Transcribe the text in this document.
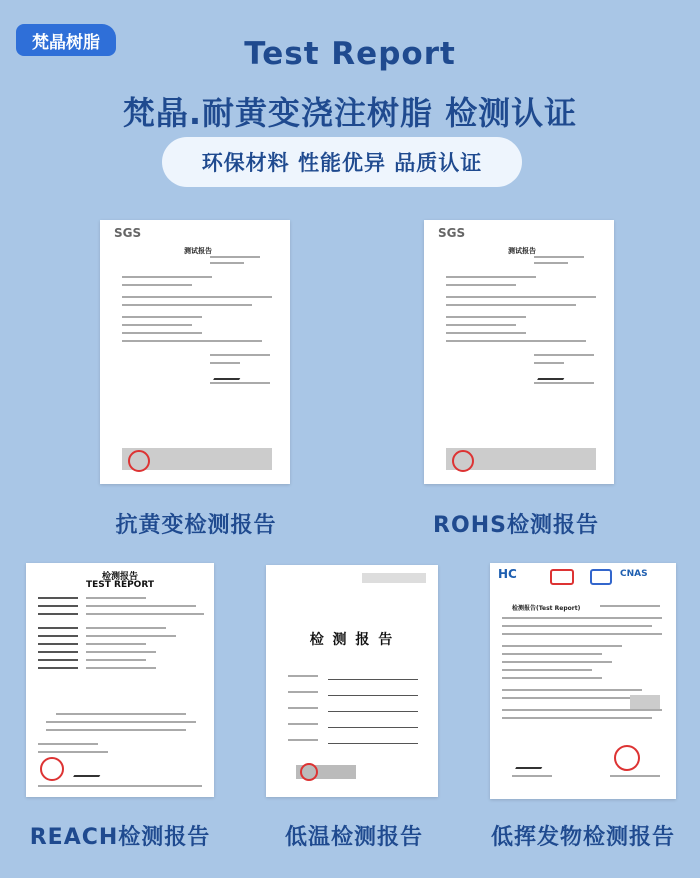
梵晶树脂	Test Report
梵晶.耐黄变浇注树脂 检测认证
环保材料 性能优异 品质认证
SGS
测试报告
抗黄变检测报告
SGS
测试报告
ROHS检测报告
检测报告
TEST REPORT
REACH检测报告
检 测 报 告
低温检测报告
HC	CNAS
检测报告(Test Report)
低挥发物检测报告
